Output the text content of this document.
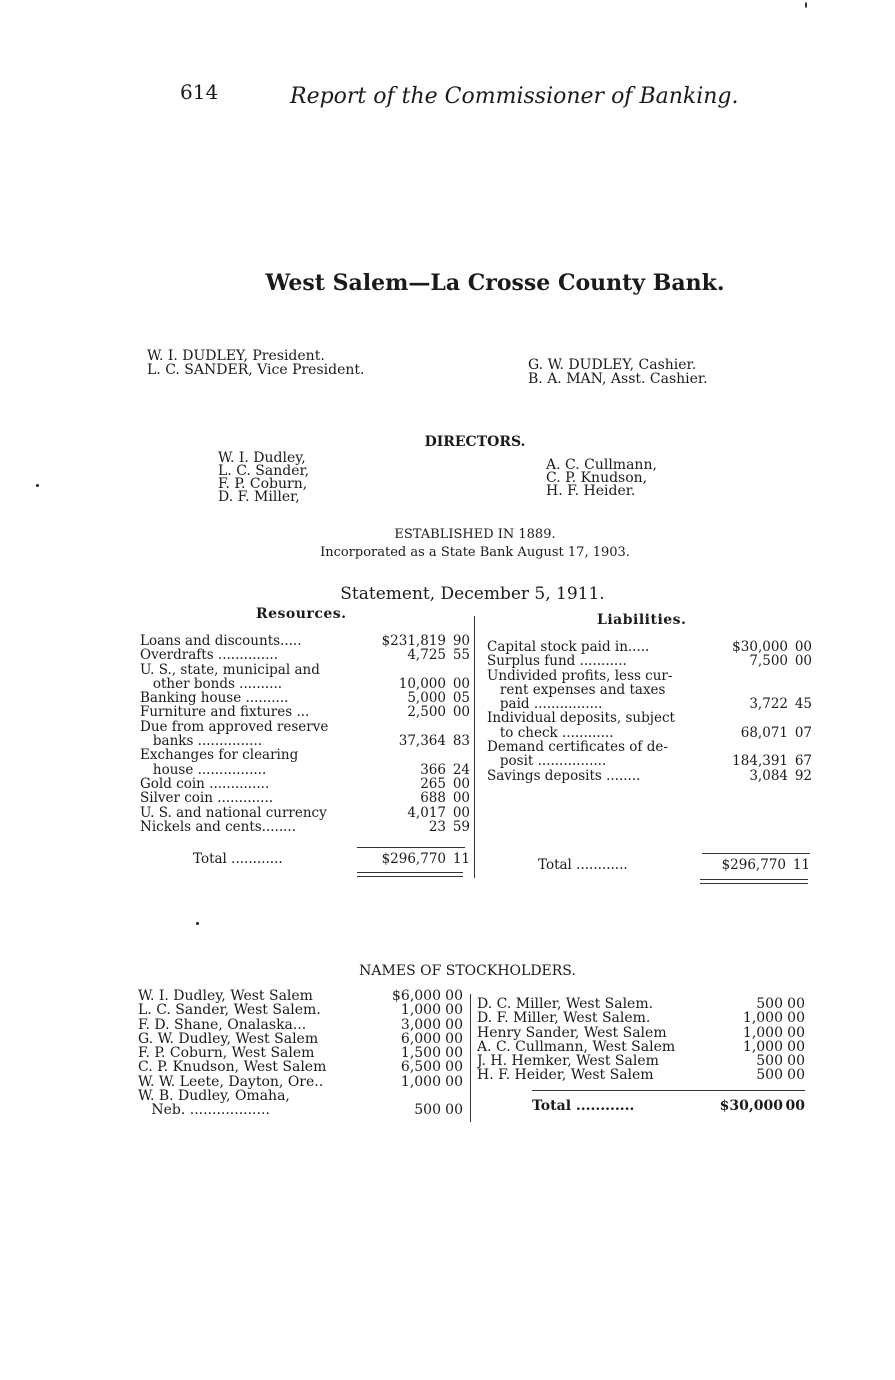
614	Report of the Commissioner of Banking.
West Salem—La Crosse County Bank.
W. I. DUDLEY, President.
L. C. SANDER, Vice President.	G. W. DUDLEY, Cashier.
B. A. MAN, Asst. Cashier.
DIRECTORS.
W. I. Dudley,
L. C. Sander,
F. P. Coburn,
D. F. Miller,
A. C. Cullmann,
C. P. Knudson,
H. F. Heider.
ESTABLISHED IN 1889.
Incorporated as a State Bank August 17, 1903.
Statement, December 5, 1911.
Resources.	Liabilities.
Loans and discounts.....	$231,819 90
Overdrafts ..............	4,725 55
U. S., state, municipal and
other bonds ..........	10,000 00
Banking house ..........	5,000 05
Furniture and fixtures ...	2,500 00
Due from approved reserve
banks ...............	37,364 83
Exchanges for clearing
house ................	366 24
Gold coin ..............	265 00
Silver coin .............	688 00
U. S. and national currency	4,017 00
Nickels and cents........	23 59
Capital stock paid in.....	$30,000 00
Surplus fund ...........	7,500 00
Undivided profits, less cur-
rent expenses and taxes
paid ................	3,722 45
Individual deposits, subject
to check ............	68,071 07
Demand certificates of de-
posit ................	184,391 67
Savings deposits ........	3,084 92
Total ............	$296,770 11	Total ............	$296,770 11
NAMES OF STOCKHOLDERS.
W. I. Dudley, West Salem	$6,000 00
L. C. Sander, West Salem.	1,000 00
F. D. Shane, Onalaska...	3,000 00
G. W. Dudley, West Salem	6,000 00
F. P. Coburn, West Salem	1,500 00
C. P. Knudson, West Salem	6,500 00
W. W. Leete, Dayton, Ore..	1,000 00
W. B. Dudley, Omaha,
Neb. ..................	500 00
D. C. Miller, West Salem.	500 00
D. F. Miller, West Salem.	1,000 00
Henry Sander, West Salem	1,000 00
A. C. Cullmann, West Salem	1,000 00
J. H. Hemker, West Salem	500 00
H. F. Heider, West Salem	500 00
Total ............	$30,000 00
